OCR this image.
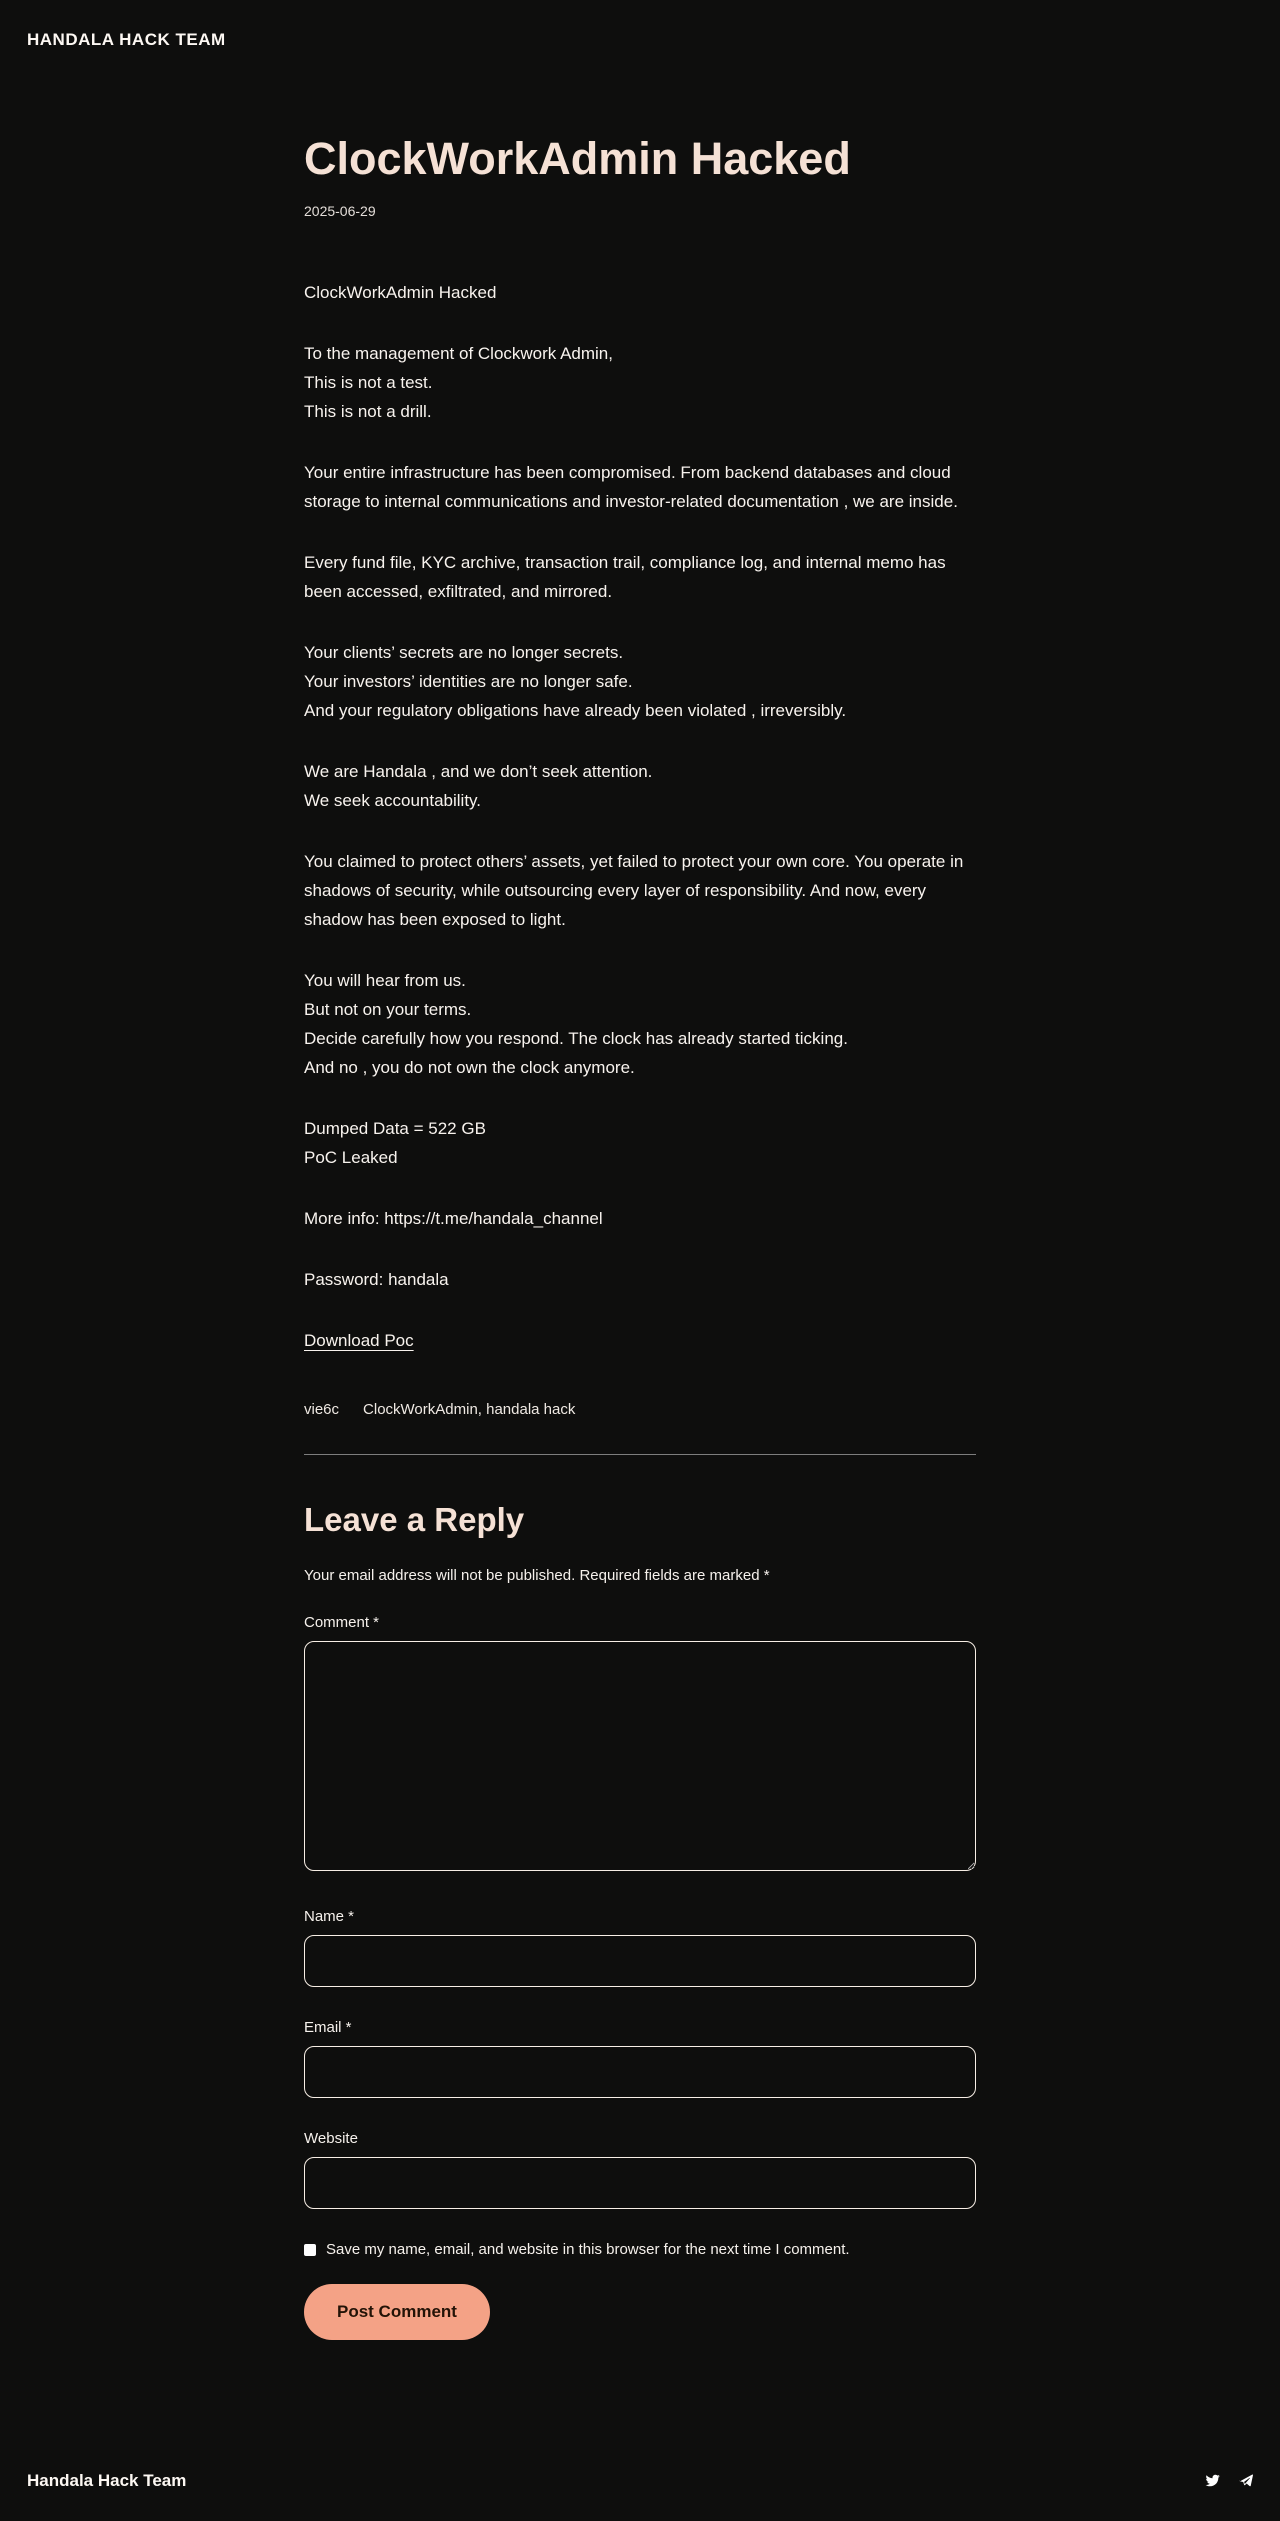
HANDALA HACK TEAM
ClockWorkAdmin Hacked
2025-06-29

ClockWorkAdmin Hacked

To the management of Clockwork Admin,
This is not a test.
This is not a drill.

Your entire infrastructure has been compromised. From backend databases and cloud storage to internal communications and investor-related documentation , we are inside.

Every fund file, KYC archive, transaction trail, compliance log, and internal memo has been accessed, exfiltrated, and mirrored.

Your clients’ secrets are no longer secrets.
Your investors’ identities are no longer safe.
And your regulatory obligations have already been violated , irreversibly.

We are Handala , and we don’t seek attention.
We seek accountability.

You claimed to protect others’ assets, yet failed to protect your own core. You operate in shadows of security, while outsourcing every layer of responsibility. And now, every shadow has been exposed to light.

You will hear from us.
But not on your terms.
Decide carefully how you respond. The clock has already started ticking.
And no , you do not own the clock anymore.

Dumped Data = 522 GB
PoC Leaked

More info: https://t.me/handala_channel

Password: handala

Download Poc

vie6c ClockWorkAdmin, handala hack
Leave a Reply

Your email address will not be published. Required fields are marked *

Comment *
Name *
Email *
Website
Save my name, email, and website in this browser for the next time I comment.
Post Comment
Handala Hack Team
